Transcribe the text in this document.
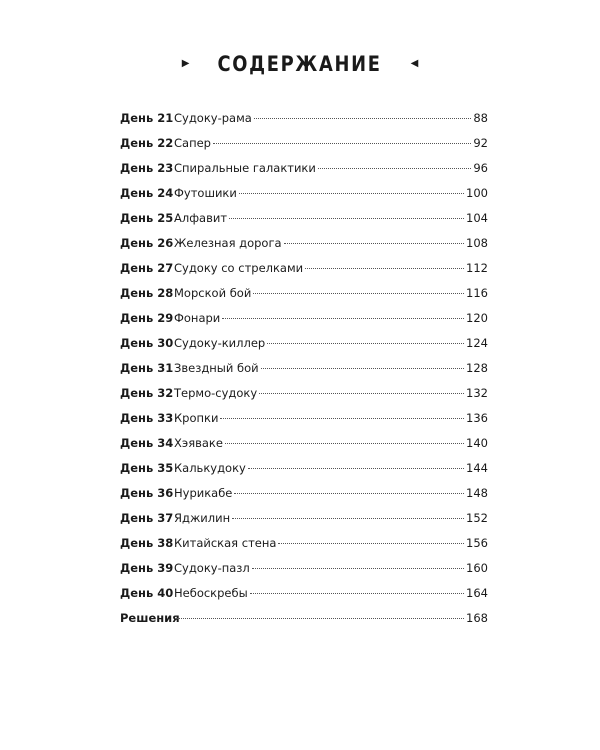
▶ СОДЕРЖАНИЕ	◀
День 21 Судоку-рама	88
День 22 Сапер	92
День 23 Спиральные галактики	96
День 24 Футошики	100
День 25 Алфавит	104
День 26 Железная дорога	108
День 27 Судоку со стрелками	112
День 28 Морской бой	116
День 29 Фонари	120
День 30 Судоку-киллер	124
День 31 Звездный бой	128
День 32 Термо-судоку	132
День 33 Кропки	136
День 34 Хэяваке	140
День 35 Калькудоку	144
День 36 Нурикабе	148
День 37 Яджилин	152
День 38 Китайская стена	156
День 39 Судоку-пазл	160
День 40 Небоскребы	164
Решения	168
